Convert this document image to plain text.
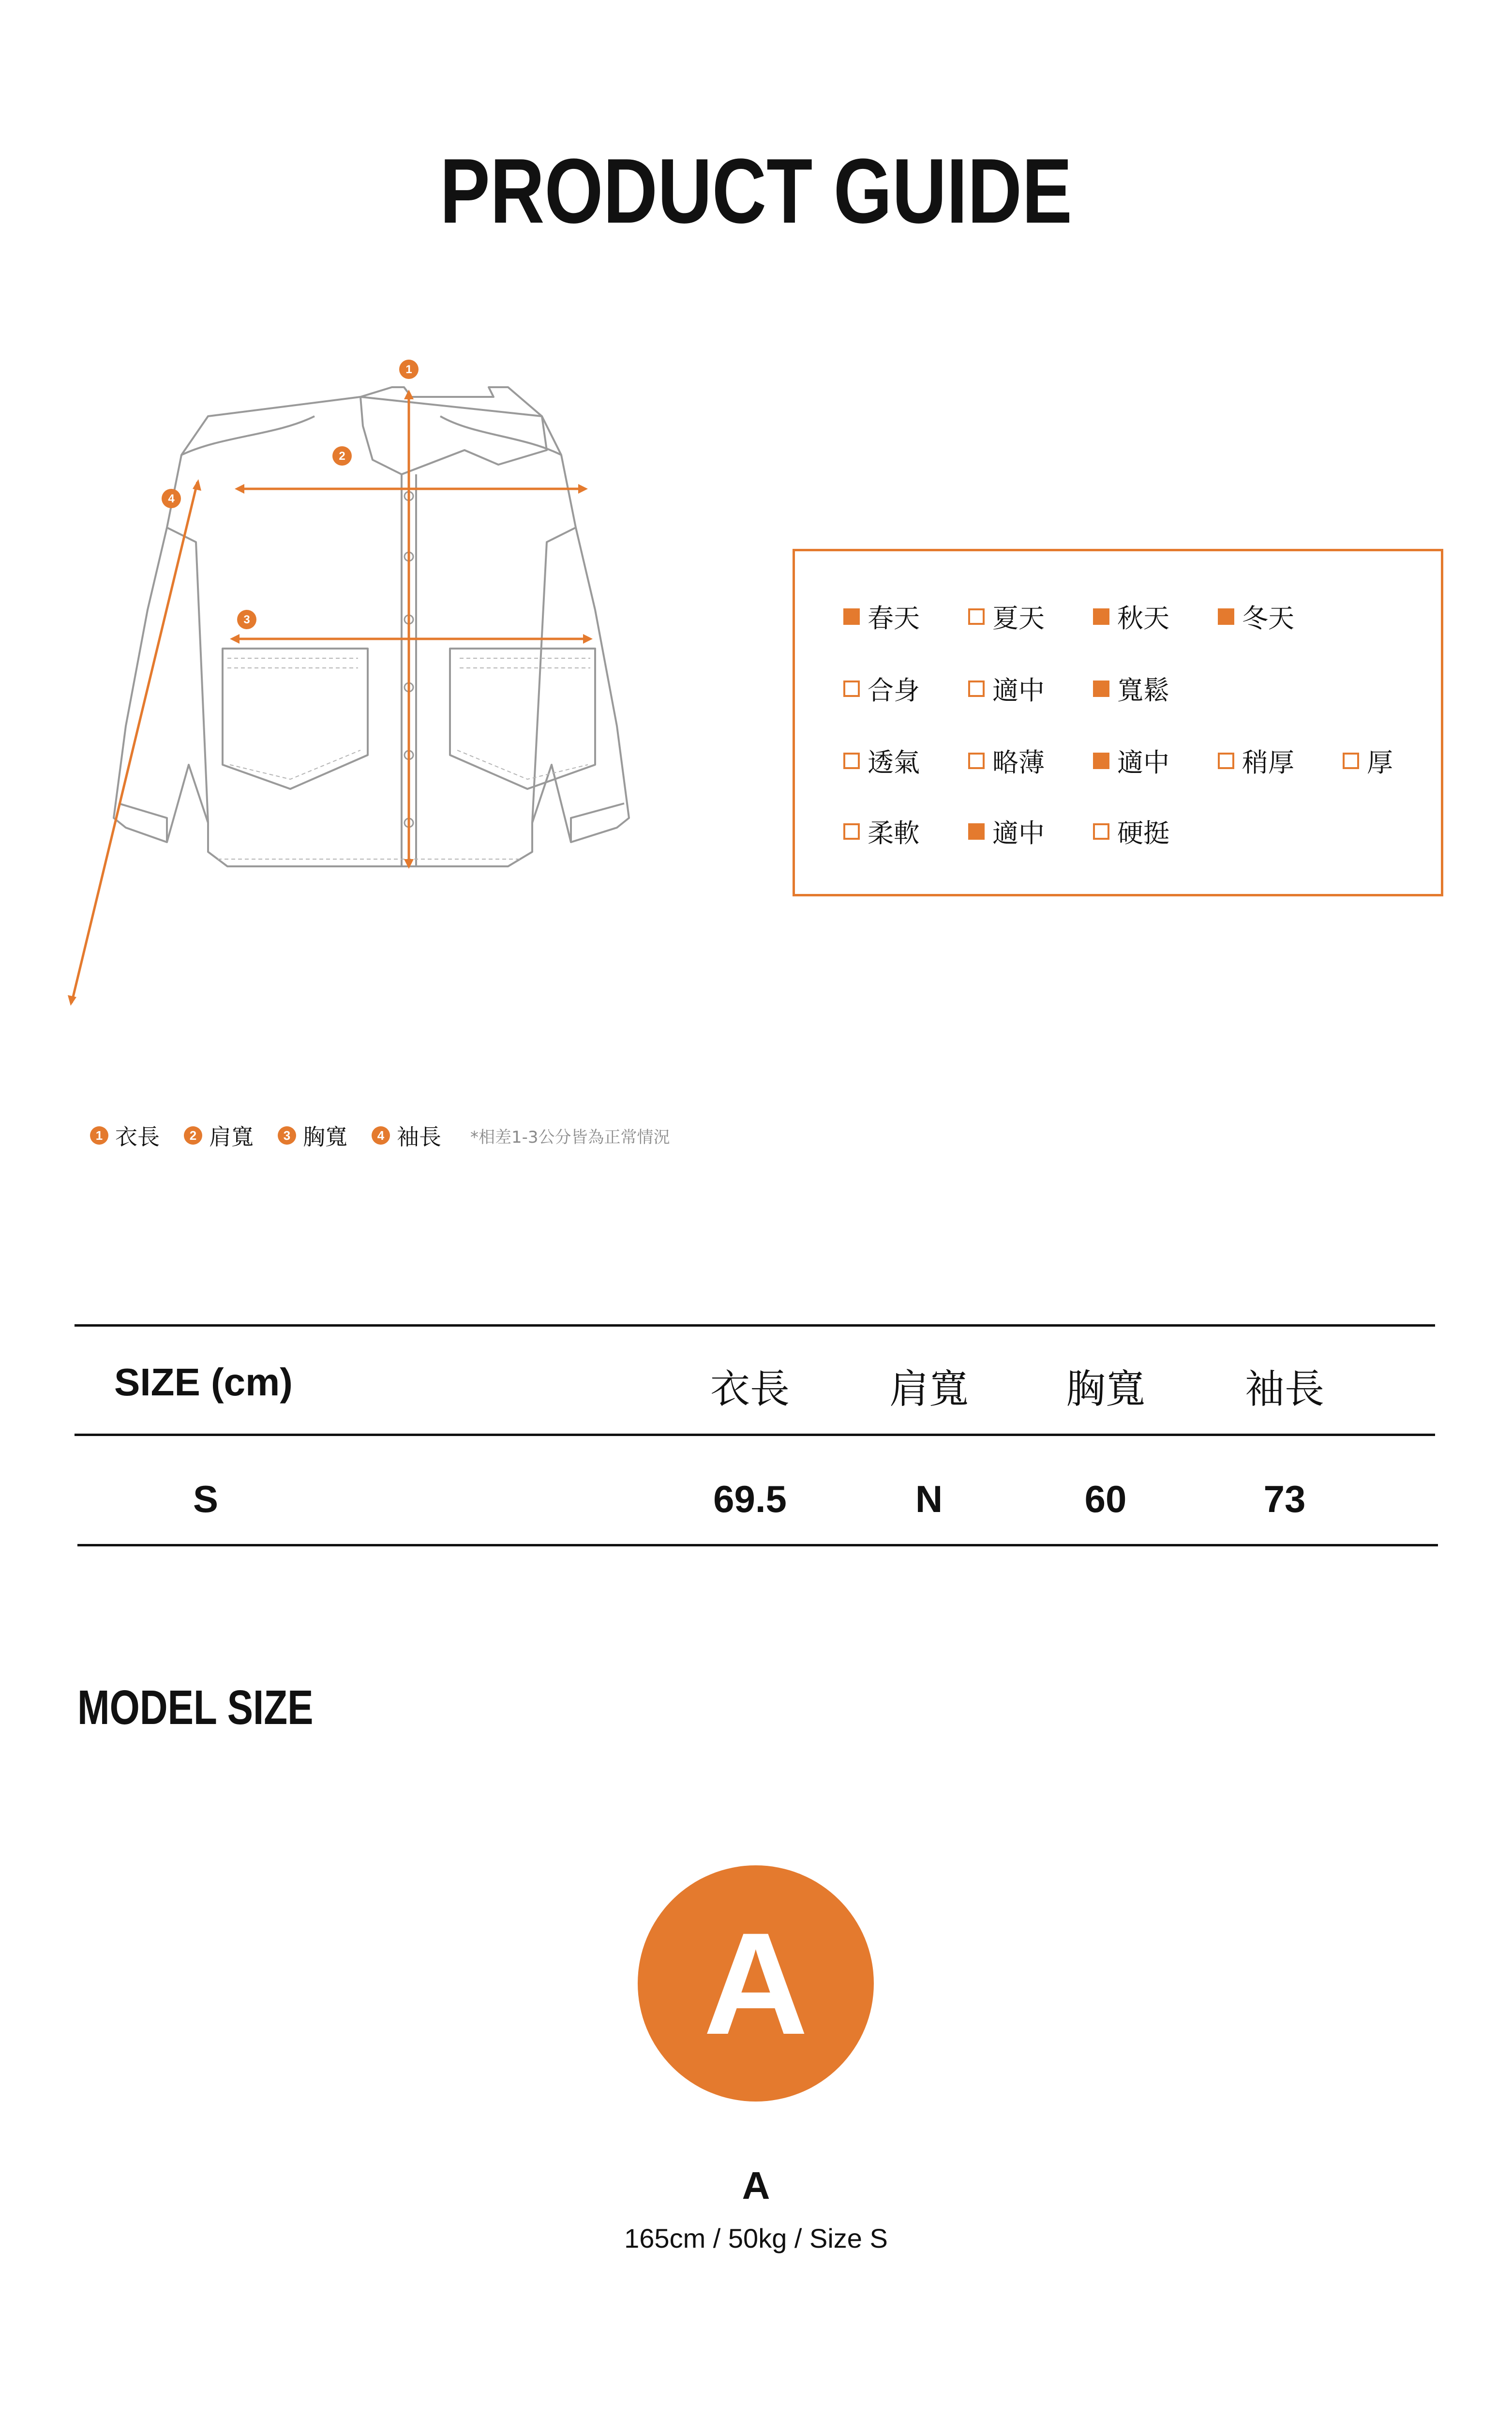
PRODUCT GUIDE
1
2
3
4
1 衣長	2 肩寬	3 胸寬	4 袖長 *相差1-3公分皆為正常情況
春天	夏天	秋天	冬天
合身	適中	寬鬆
透氣	略薄	適中	稍厚	厚
柔軟	適中	硬挺
SIZE (cm)	衣長	肩寬	胸寬	袖長
S	69.5	N	60	73
MODEL SIZE
A
A
165cm / 50kg / Size S
